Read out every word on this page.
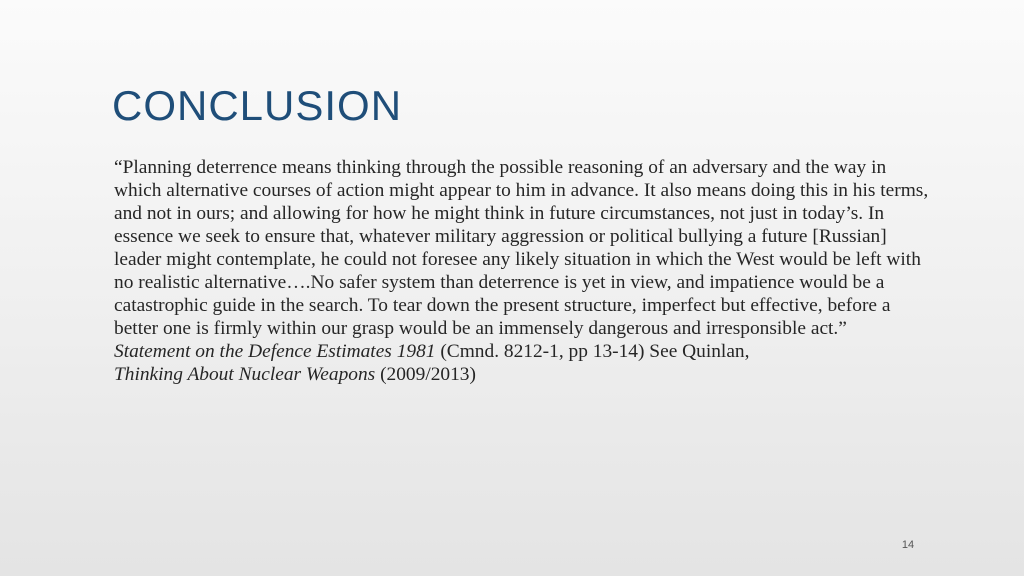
CONCLUSION

“Planning deterrence means thinking through the possible reasoning of an adversary and the way in which alternative courses of action might appear to him in advance. It also means doing this in his terms, and not in ours; and allowing for how he might think in future circumstances, not just in today’s. In essence we seek to ensure that, whatever military aggression or political bullying a future [Russian] leader might contemplate, he could not foresee any likely situation in which the West would be left with no realistic alternative….No safer system than deterrence is yet in view, and impatience would be a catastrophic guide in the search. To tear down the present structure, imperfect but effective, before a better one is firmly within our grasp would be an immensely dangerous and irresponsible act.”
Statement on the Defence Estimates 1981 (Cmnd. 8212-1, pp 13-14) See Quinlan,
Thinking About Nuclear Weapons (2009/2013)

14
